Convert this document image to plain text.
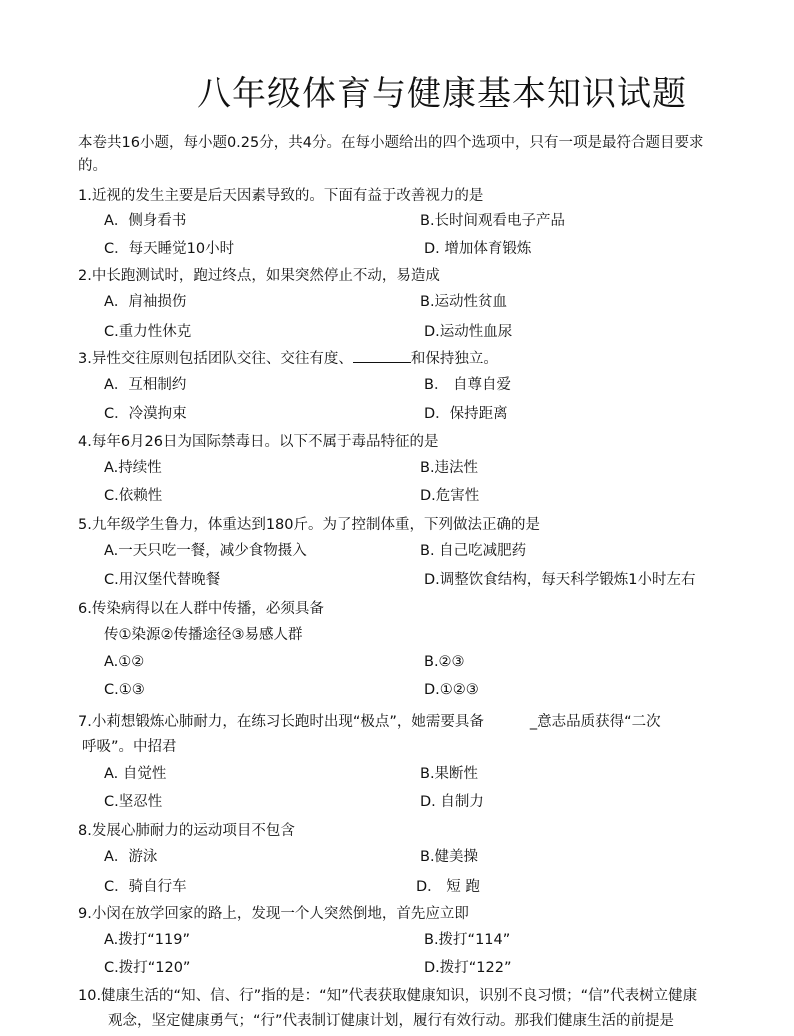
八年级体育与健康基本知识试题
本卷共16小题，每小题0.25分，共4分。在每小题给出的四个选项中，只有一项是最符合题目要求的。
1.近视的发生主要是后天因素导致的。下面有益于改善视力的是
A．侧身看书	B.长时间观看电子产品
C．每天睡觉10小时	D. 增加体育锻炼
2.中长跑测试时，跑过终点，如果突然停止不动，易造成
A．肩袖损伤	B.运动性贫血
C.重力性休克	D.运动性血尿
3.异性交往原则包括团队交往、交往有度、	和保持独立。
A．互相制约	B． 自尊自爱
C．冷漠拘束	D．保持距离
4.每年6月26日为国际禁毒日。以下不属于毒品特征的是
A.持续性	B.违法性
C.依赖性	D.危害性
5.九年级学生鲁力，体重达到180斤。为了控制体重，下列做法正确的是
A.一天只吃一餐，减少食物摄入	B. 自己吃减肥药
C.用汉堡代替晚餐	D.调整饮食结构，每天科学锻炼1小时左右
6.传染病得以在人群中传播，必须具备
传①染源②传播途径③易感人群
A.①②	B.②③
C.①③	D.①②③
7.小莉想锻炼心肺耐力，在练习长跑时出现“极点”，她需要具备	_意志品质获得“二次
呼吸”。中招君
A. 自觉性	B.果断性
C.坚忍性	D. 自制力
8.发展心肺耐力的运动项目不包含
A．游泳	B.健美操
C．骑自行车	D． 短 跑
9.小闵在放学回家的路上，发现一个人突然倒地，首先应立即
A.拨打“119”	B.拨打“114”
C.拨打“120”	D.拨打“122”
10.健康生活的“知、信、行”指的是：“知”代表获取健康知识，识别不良习惯；“信”代表树立健康
观念，坚定健康勇气；“行”代表制订健康计划，履行有效行动。那我们健康生活的前提是
